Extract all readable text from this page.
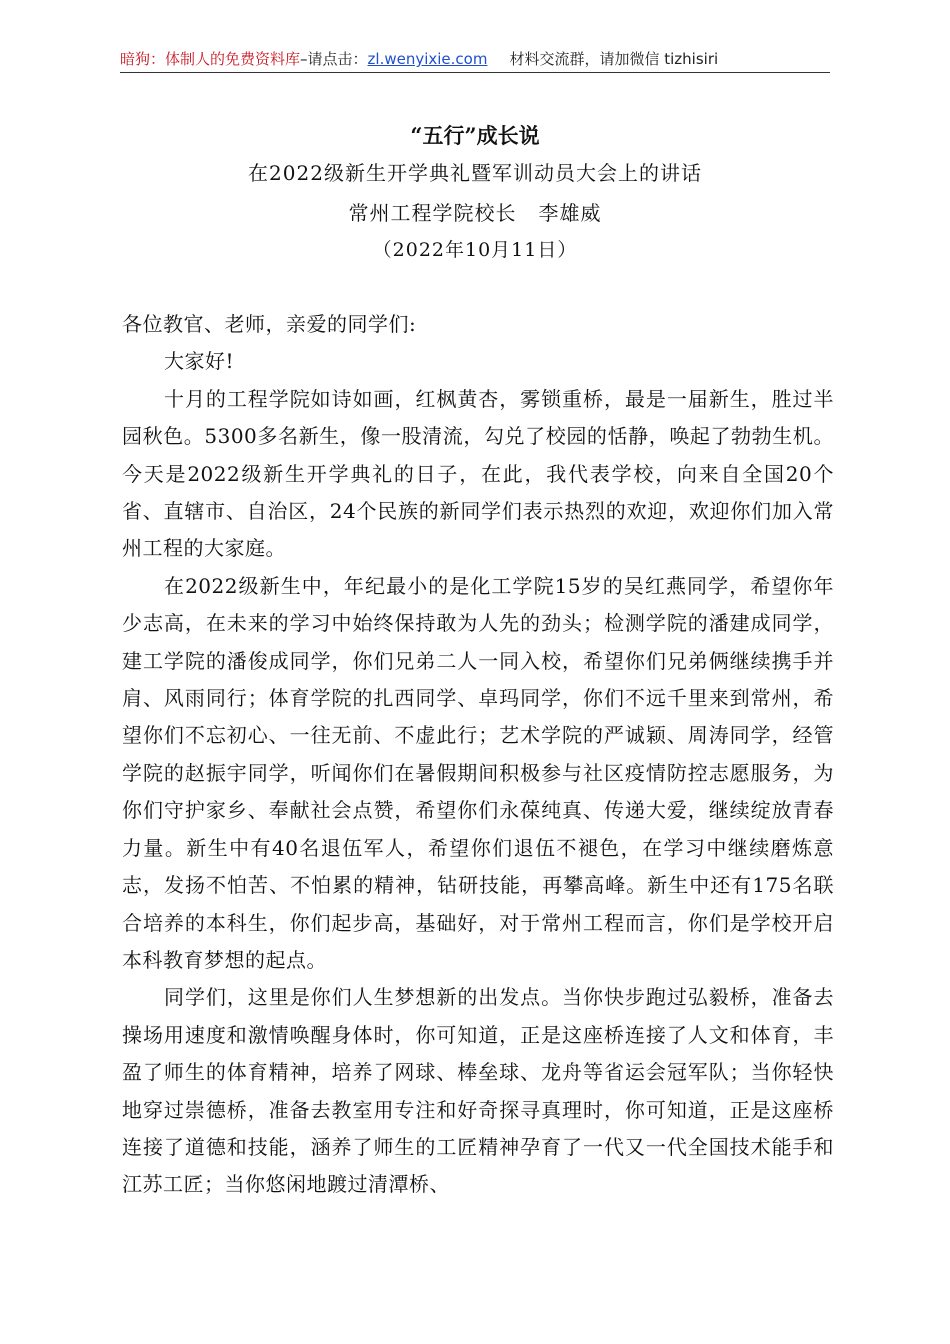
暗狗：体制人的免费资料库–请点击：zl.wenyixie.com 材料交流群，请加微信 tizhisiri
“五行”成长说
在2022级新生开学典礼暨军训动员大会上的讲话
常州工程学院校长 李雄威
（2022年10月11日）

各位教官、老师，亲爱的同学们:

大家好!

十月的工程学院如诗如画，红枫黄杏，雾锁重桥，最是一届新生，胜过半园秋色。5300多名新生，像一股清流，勾兑了校园的恬静，唤起了勃勃生机。今天是2022级新生开学典礼的日子，在此，我代表学校，向来自全国20个省、直辖市、自治区，24个民族的新同学们表示热烈的欢迎，欢迎你们加入常州工程的大家庭。

在2022级新生中，年纪最小的是化工学院15岁的吴红燕同学，希望你年少志高，在未来的学习中始终保持敢为人先的劲头；检测学院的潘建成同学，建工学院的潘俊成同学，你们兄弟二人一同入校，希望你们兄弟俩继续携手并肩、风雨同行；体育学院的扎西同学、卓玛同学，你们不远千里来到常州，希望你们不忘初心、一往无前、不虚此行；艺术学院的严诚颖、周涛同学，经管学院的赵振宇同学，听闻你们在暑假期间积极参与社区疫情防控志愿服务，为你们守护家乡、奉献社会点赞，希望你们永葆纯真、传递大爱，继续绽放青春力量。新生中有40名退伍军人，希望你们退伍不褪色，在学习中继续磨炼意志，发扬不怕苦、不怕累的精神，钻研技能，再攀高峰。新生中还有175名联合培养的本科生，你们起步高，基础好，对于常州工程而言，你们是学校开启本科教育梦想的起点。

同学们，这里是你们人生梦想新的出发点。当你快步跑过弘毅桥，准备去操场用速度和激情唤醒身体时，你可知道，正是这座桥连接了人文和体育，丰盈了师生的体育精神，培养了网球、棒垒球、龙舟等省运会冠军队；当你轻快地穿过崇德桥，准备去教室用专注和好奇探寻真理时，你可知道，正是这座桥连接了道德和技能，涵养了师生的工匠精神孕育了一代又一代全国技术能手和江苏工匠；当你悠闲地踱过清潭桥、
